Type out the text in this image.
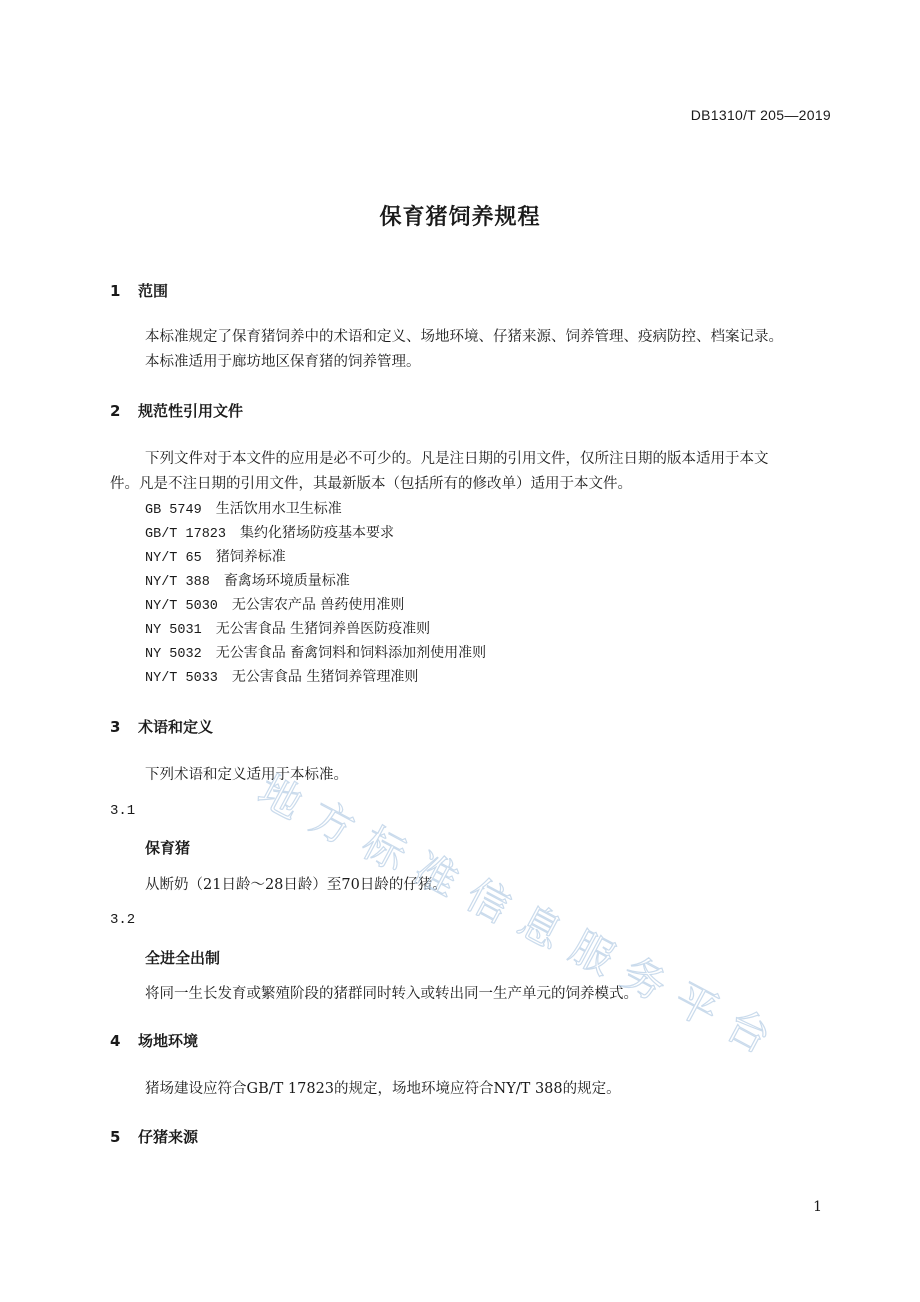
DB1310/T 205—2019
保育猪饲养规程
1 范围
本标准规定了保育猪饲养中的术语和定义、场地环境、仔猪来源、饲养管理、疫病防控、档案记录。
本标准适用于廊坊地区保育猪的饲养管理。
2 规范性引用文件
下列文件对于本文件的应用是必不可少的。凡是注日期的引用文件，仅所注日期的版本适用于本文
件。凡是不注日期的引用文件，其最新版本（包括所有的修改单）适用于本文件。
GB 5749 生活饮用水卫生标准
GB/T 17823 集约化猪场防疫基本要求
NY/T 65 猪饲养标准
NY/T 388 畜禽场环境质量标准
NY/T 5030 无公害农产品 兽药使用准则
NY 5031 无公害食品 生猪饲养兽医防疫准则
NY 5032 无公害食品 畜禽饲料和饲料添加剂使用准则
NY/T 5033 无公害食品 生猪饲养管理准则
3 术语和定义
下列术语和定义适用于本标准。
3.1
保育猪
从断奶（21日龄～28日龄）至70日龄的仔猪。
3.2
全进全出制
将同一生长发育或繁殖阶段的猪群同时转入或转出同一生产单元的饲养模式。
4 场地环境
猪场建设应符合GB/T 17823的规定，场地环境应符合NY/T 388的规定。
5 仔猪来源
1
地
方
标
准
信
息
服
务
平
台
